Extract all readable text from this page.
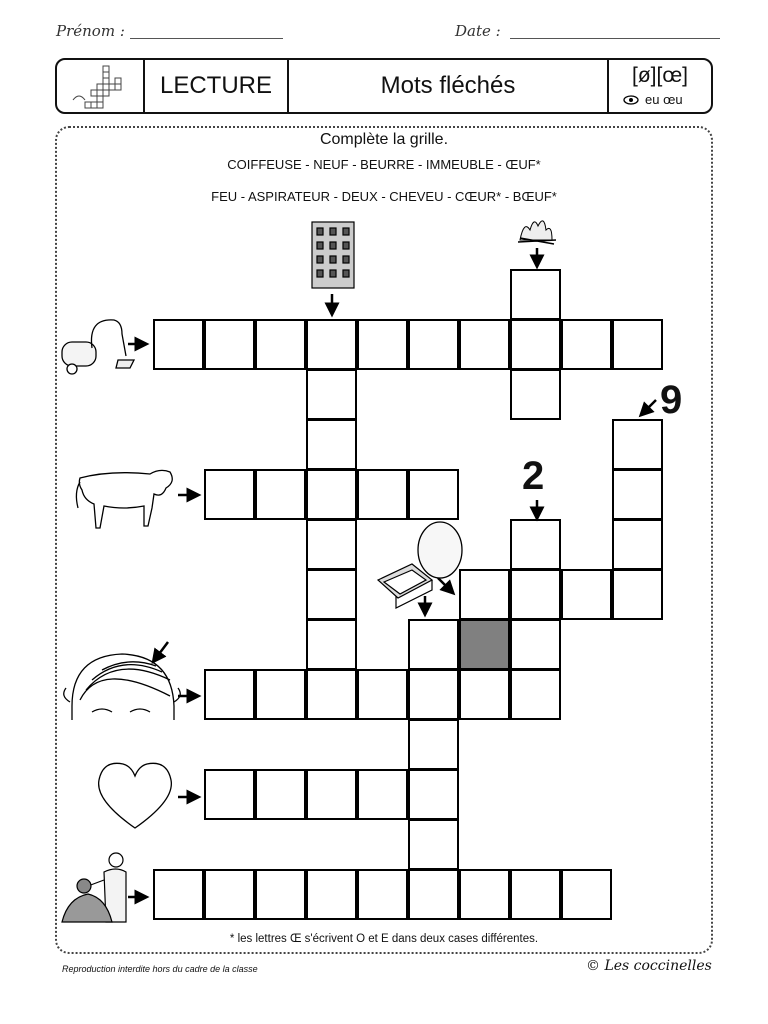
Prénom :	Date :
LECTURE	Mots fléchés	[ø][œ]
eu œu
Complète la grille.
COIFFEUSE - NEUF - BEURRE - IMMEUBLE - ŒUF*
FEU - ASPIRATEUR - DEUX - CHEVEU - CŒUR* - BŒUF*
9
2
* les lettres Œ s'écrivent O et E dans deux cases différentes.
Reproduction interdite hors du cadre de la classe	© Les coccinelles
